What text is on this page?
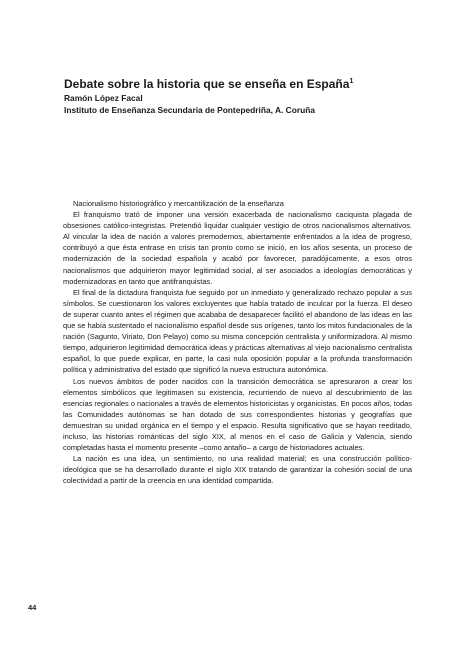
Debate sobre la historia que se enseña en España$^1$

Ramón López Facal

Instituto de Enseñanza Secundaria de Pontepedriña, A. Coruña

Nacionalismo historiográfico y mercantilización de la enseñanza

El franquismo trató de imponer una versión exacerbada de nacionalismo caciquista plagada de obsesiones católico-integristas. Pretendió liquidar cualquier vestigio de otros nacionalismos alternativos. Al vincular la idea de nación a valores premodernos, abiertamente enfrentados a la idea de progreso, contribuyó a que ésta entrase en crisis tan pronto como se inició, en los años sesenta, un proceso de modernización de la sociedad española y acabó por favorecer, paradójicamente, a esos otros nacionalismos que adquirieron mayor legitimidad social, al ser asociados a ideologías democráticas y modernizadoras en tanto que antifranquistas.

El final de la dictadura franquista fue seguido por un inmediato y generalizado rechazo popular a sus símbolos. Se cuestionaron los valores excluyentes que había tratado de inculcar por la fuerza. El deseo de superar cuanto antes el régimen que acababa de desaparecer facilitó el abandono de las ideas en las que se había sustentado el nacionalismo español desde sus orígenes, tanto los mitos fundacionales de la nación (Sagunto, Viriato, Don Pelayo) como su misma concepción centralista y uniformizadora. Al mismo tiempo, adquirieron legitimidad democrática ideas y prácticas alternativas al viejo nacionalismo centralista español, lo que puede explicar, en parte, la casi nula oposición popular a la profunda transformación política y administrativa del estado que significó la nueva estructura autonómica.

Los nuevos ámbitos de poder nacidos con la transición democrática se apresuraron a crear los elementos simbólicos que legitimasen su existencia, recurriendo de nuevo al descubrimiento de las esencias regionales o nacionales a través de elementos historicistas y organicistas. En pocos años, todas las Comunidades autónomas se han dotado de sus correspondientes historias y geografías que demuestran su unidad orgánica en el tiempo y el espacio. Resulta significativo que se hayan reeditado, incluso, las historias románticas del siglo XIX, al menos en el caso de Galicia y Valencia, siendo completadas hasta el momento presente –como antaño– a cargo de historiadores actuales.

La nación es una idea, un sentimiento, no una realidad material; es una construcción político-ideológica que se ha desarrollado durante el siglo XIX tratando de garantizar la cohesión social de una colectividad a partir de la creencia en una identidad compartida.

44
